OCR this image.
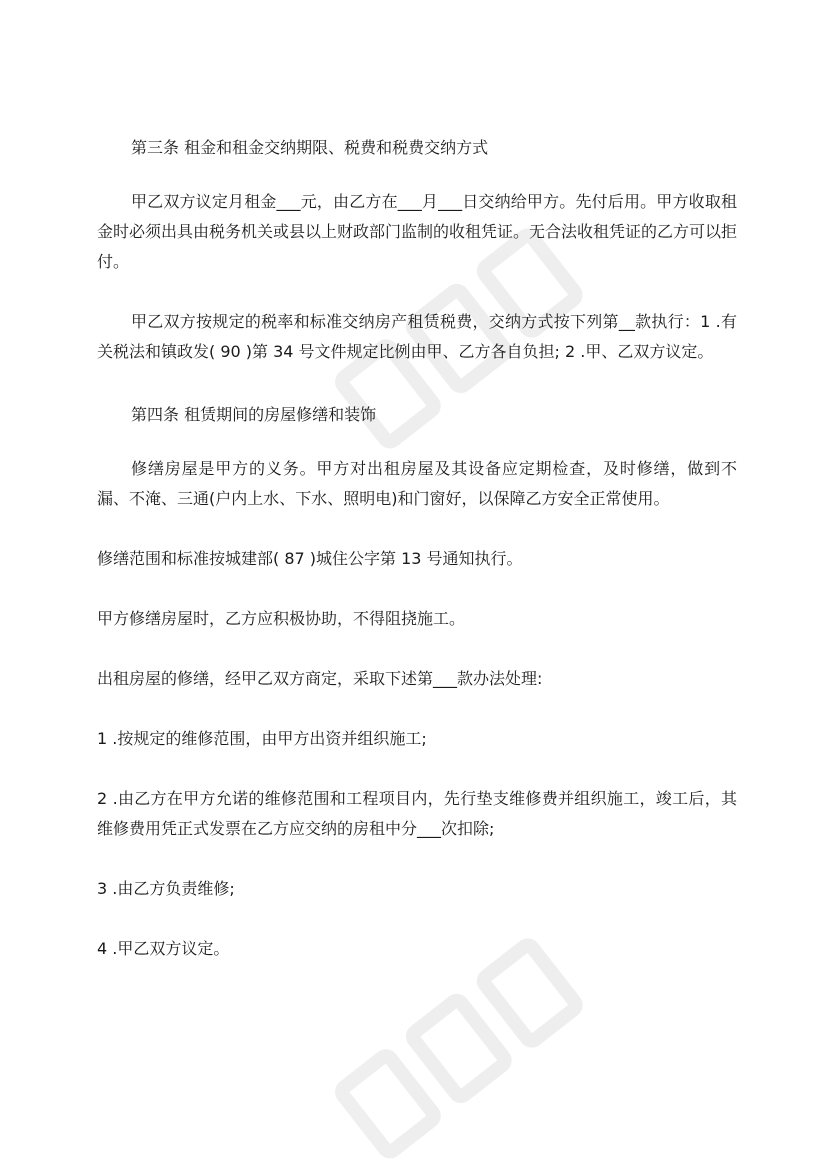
第三条 租金和租金交纳期限、税费和税费交纳方式

甲乙双方议定月租金___元，由乙方在___月___日交纳给甲方。先付后用。甲方收取租金时必须出具由税务机关或县以上财政部门监制的收租凭证。无合法收租凭证的乙方可以拒付。

甲乙双方按规定的税率和标准交纳房产租赁税费，交纳方式按下列第__款执行：1 .有关税法和镇政发( 90 )第 34 号文件规定比例由甲、乙方各自负担; 2 .甲、乙双方议定。

第四条 租赁期间的房屋修缮和装饰

修缮房屋是甲方的义务。甲方对出租房屋及其设备应定期检查，及时修缮，做到不漏、不淹、三通(户内上水、下水、照明电)和门窗好，以保障乙方安全正常使用。

修缮范围和标准按城建部( 87 )城住公字第 13 号通知执行。

甲方修缮房屋时，乙方应积极协助，不得阻挠施工。

出租房屋的修缮，经甲乙双方商定，采取下述第___款办法处理:

1 .按规定的维修范围，由甲方出资并组织施工;

2 .由乙方在甲方允诺的维修范围和工程项目内，先行垫支维修费并组织施工，竣工后，其维修费用凭正式发票在乙方应交纳的房租中分___次扣除;

3 .由乙方负责维修;

4 .甲乙双方议定。
